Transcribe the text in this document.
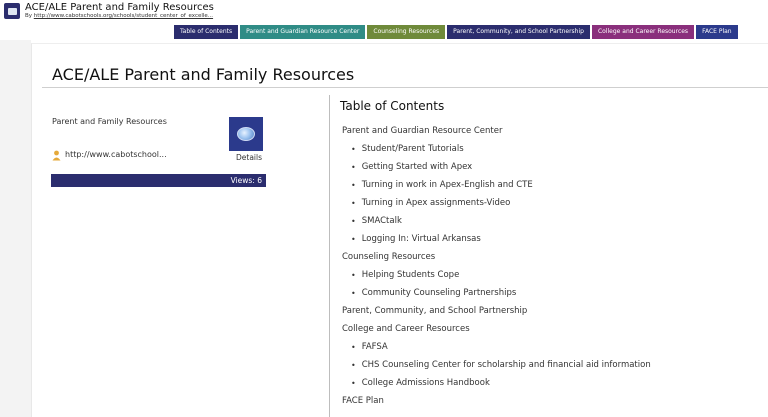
ACE/ALE Parent and Family Resources
By http://www.cabotschools.org/schools/student_center_of_excelle...
Table of Contents	Parent and Guardian Resource Center	Counseling Resources	Parent, Community, and School Partnership	College and Career Resources	FACE Plan
ACE/ALE Parent and Family Resources
Parent and Family Resources
Details
http://www.cabotschool...
Views: 6
Table of Contents
Parent and Guardian Resource Center
• Student/Parent Tutorials
• Getting Started with Apex
• Turning in work in Apex-English and CTE
• Turning in Apex assignments-Video
• SMACtalk
• Logging In: Virtual Arkansas
Counseling Resources
• Helping Students Cope
• Community Counseling Partnerships
Parent, Community, and School Partnership
College and Career Resources
• FAFSA
• CHS Counseling Center for scholarship and financial aid information
• College Admissions Handbook
FACE Plan
